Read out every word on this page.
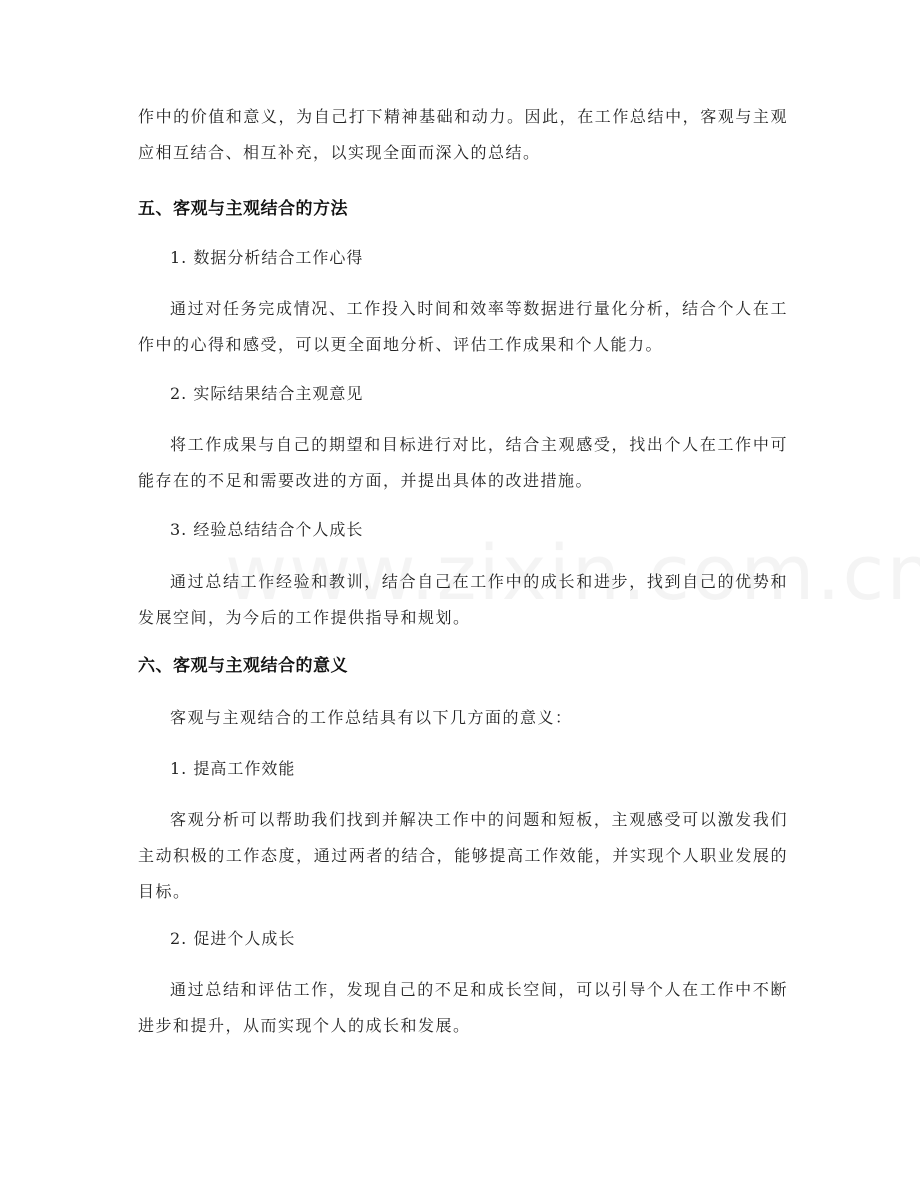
作中的价值和意义，为自己打下精神基础和动力。因此，在工作总结中，客观与主观应相互结合、相互补充，以实现全面而深入的总结。

五、客观与主观结合的方法

1. 数据分析结合工作心得

通过对任务完成情况、工作投入时间和效率等数据进行量化分析，结合个人在工作中的心得和感受，可以更全面地分析、评估工作成果和个人能力。

2. 实际结果结合主观意见

将工作成果与自己的期望和目标进行对比，结合主观感受，找出个人在工作中可能存在的不足和需要改进的方面，并提出具体的改进措施。

3. 经验总结结合个人成长

通过总结工作经验和教训，结合自己在工作中的成长和进步，找到自己的优势和发展空间，为今后的工作提供指导和规划。

六、客观与主观结合的意义

客观与主观结合的工作总结具有以下几方面的意义：

1. 提高工作效能

客观分析可以帮助我们找到并解决工作中的问题和短板，主观感受可以激发我们主动积极的工作态度，通过两者的结合，能够提高工作效能，并实现个人职业发展的目标。

2. 促进个人成长

通过总结和评估工作，发现自己的不足和成长空间，可以引导个人在工作中不断进步和提升，从而实现个人的成长和发展。
